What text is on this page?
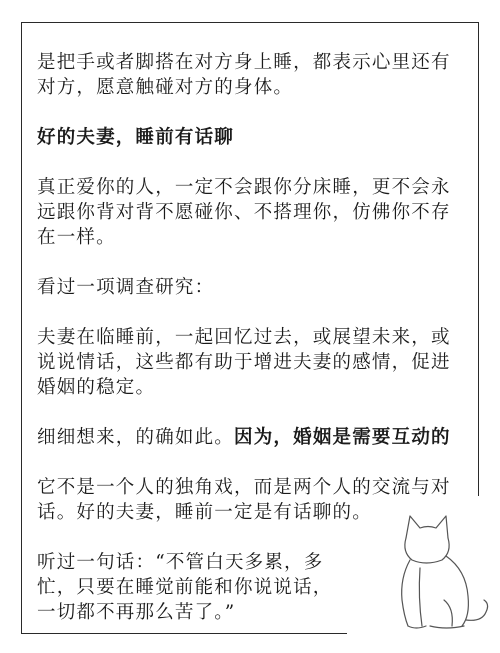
是把手或者脚搭在对方身上睡，都表示心里还有对方，愿意触碰对方的身体。

好的夫妻，睡前有话聊

真正爱你的人，一定不会跟你分床睡，更不会永远跟你背对背不愿碰你、不搭理你，仿佛你不存在一样。

看过一项调查研究：

夫妻在临睡前，一起回忆过去，或展望未来，或说说情话，这些都有助于增进夫妻的感情，促进婚姻的稳定。

细细想来，的确如此。因为，婚姻是需要互动的

它不是一个人的独角戏，而是两个人的交流与对话。好的夫妻，睡前一定是有话聊的。

听过一句话：“不管白天多累，多忙，只要在睡觉前能和你说说话，一切都不再那么苦了。”
